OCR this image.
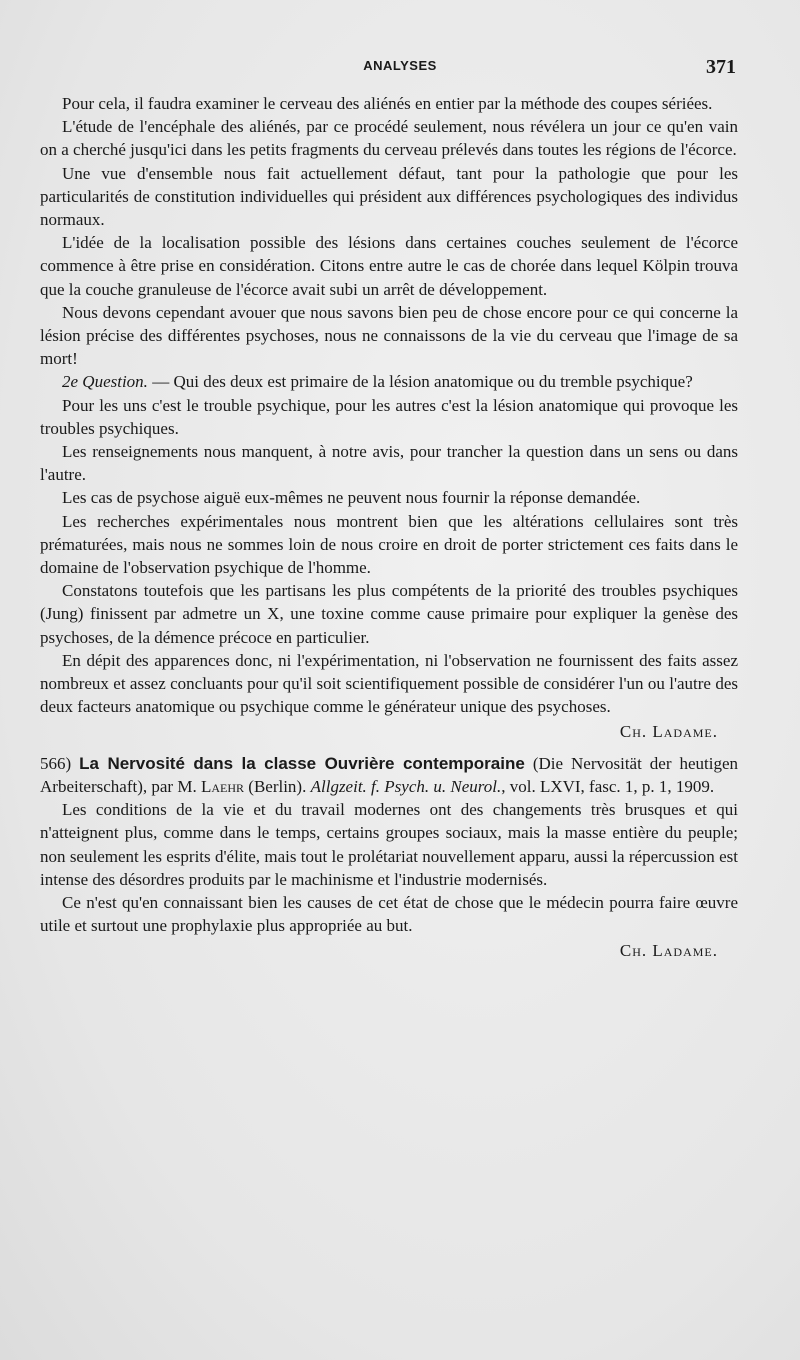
ANALYSES	371

Pour cela, il faudra examiner le cerveau des aliénés en entier par la méthode des coupes sériées.

L'étude de l'encéphale des aliénés, par ce procédé seulement, nous révélera un jour ce qu'en vain on a cherché jusqu'ici dans les petits fragments du cerveau prélevés dans toutes les régions de l'écorce.

Une vue d'ensemble nous fait actuellement défaut, tant pour la pathologie que pour les particularités de constitution individuelles qui président aux différences psychologiques des individus normaux.

L'idée de la localisation possible des lésions dans certaines couches seulement de l'écorce commence à être prise en considération. Citons entre autre le cas de chorée dans lequel Kölpin trouva que la couche granuleuse de l'écorce avait subi un arrêt de développement.

Nous devons cependant avouer que nous savons bien peu de chose encore pour ce qui concerne la lésion précise des différentes psychoses, nous ne connaissons de la vie du cerveau que l'image de sa mort!

2e Question. — Qui des deux est primaire de la lésion anatomique ou du tremble psychique?

Pour les uns c'est le trouble psychique, pour les autres c'est la lésion anatomique qui provoque les troubles psychiques.

Les renseignements nous manquent, à notre avis, pour trancher la question dans un sens ou dans l'autre.

Les cas de psychose aiguë eux-mêmes ne peuvent nous fournir la réponse demandée.

Les recherches expérimentales nous montrent bien que les altérations cellulaires sont très prématurées, mais nous ne sommes loin de nous croire en droit de porter strictement ces faits dans le domaine de l'observation psychique de l'homme.

Constatons toutefois que les partisans les plus compétents de la priorité des troubles psychiques (Jung) finissent par admetre un X, une toxine comme cause primaire pour expliquer la genèse des psychoses, de la démence précoce en particulier.

En dépit des apparences donc, ni l'expérimentation, ni l'observation ne fournissent des faits assez nombreux et assez concluants pour qu'il soit scientifiquement possible de considérer l'un ou l'autre des deux facteurs anatomique ou psychique comme le générateur unique des psychoses.

Ch. Ladame.

566) La Nervosité dans la classe Ouvrière contemporaine (Die Nervosität der heutigen Arbeiterschaft), par M. Laehr (Berlin). Allgzeit. f. Psych. u. Neurol., vol. LXVI, fasc. 1, p. 1, 1909.

Les conditions de la vie et du travail modernes ont des changements très brusques et qui n'atteignent plus, comme dans le temps, certains groupes sociaux, mais la masse entière du peuple; non seulement les esprits d'élite, mais tout le prolétariat nouvellement apparu, aussi la répercussion est intense des désordres produits par le machinisme et l'industrie modernisés.

Ce n'est qu'en connaissant bien les causes de cet état de chose que le médecin pourra faire œuvre utile et surtout une prophylaxie plus appropriée au but.

Ch. Ladame.
